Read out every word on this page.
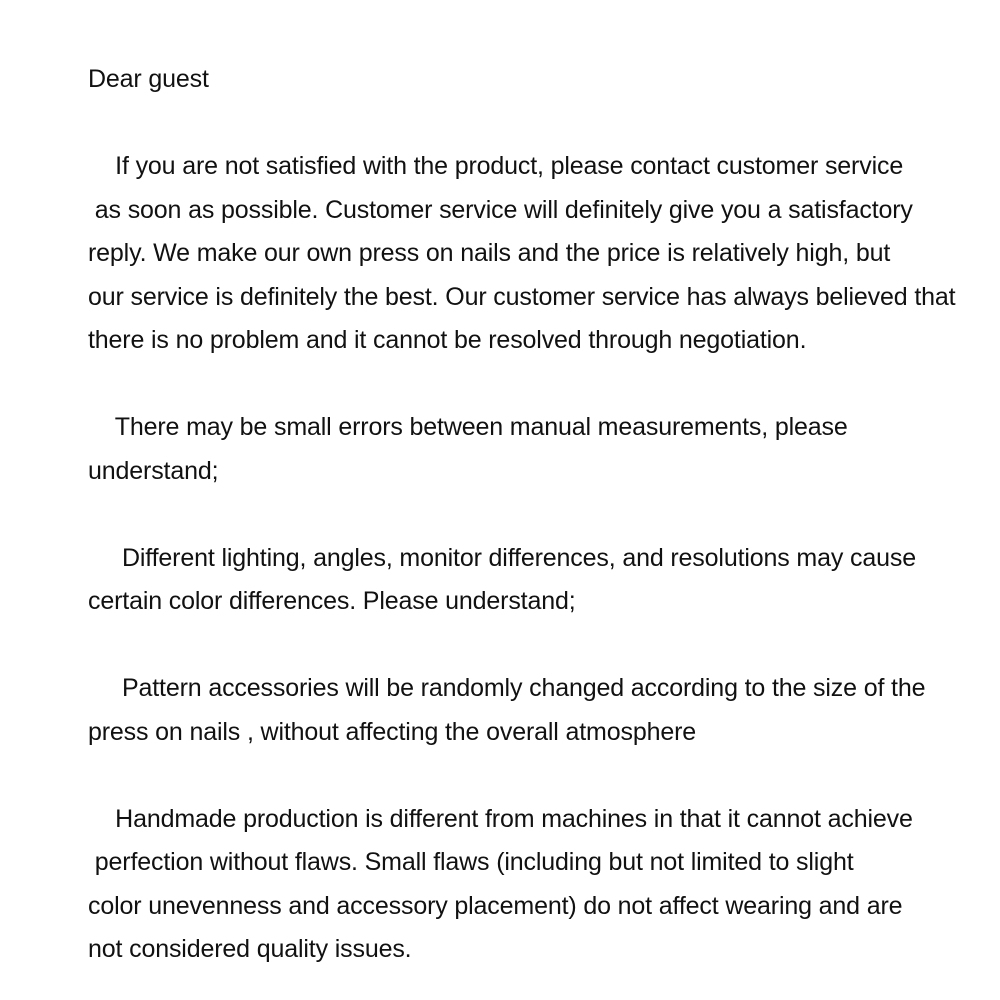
Dear guest
If you are not satisfied with the product, please contact customer service
as soon as possible. Customer service will definitely give you a satisfactory
reply. We make our own press on nails and the price is relatively high, but
our service is definitely the best. Our customer service has always believed that
there is no problem and it cannot be resolved through negotiation.
There may be small errors between manual measurements, please
understand;
Different lighting, angles, monitor differences, and resolutions may cause
certain color differences. Please understand;
Pattern accessories will be randomly changed according to the size of the
press on nails , without affecting the overall atmosphere
Handmade production is different from machines in that it cannot achieve
perfection without flaws. Small flaws (including but not limited to slight
color unevenness and accessory placement) do not affect wearing and are
not considered quality issues.
